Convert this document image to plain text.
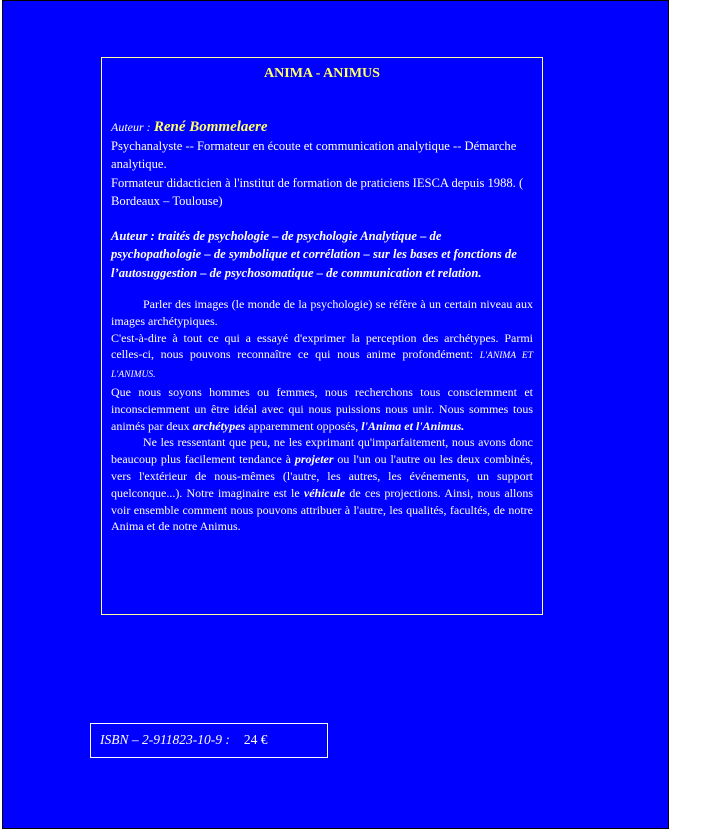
ANIMA - ANIMUS

Auteur : René Bommelaere

Psychanalyste -- Formateur en écoute et communication analytique -- Démarche analytique.

Formateur didacticien à l'institut de formation de praticiens IESCA depuis 1988. ( Bordeaux – Toulouse)

Auteur : traités de psychologie – de psychologie Analytique – de psychopathologie – de symbolique et corrélation – sur les bases et fonctions de l’autosuggestion – de psychosomatique – de communication et relation.

Parler des images (le monde de la psychologie) se réfère à un certain niveau aux images archétypiques.

C'est-à-dire à tout ce qui a essayé d'exprimer la perception des archétypes. Parmi celles-ci, nous pouvons reconnaître ce qui nous anime profondément: L'ANIMA ET L'ANIMUS.

Que nous soyons hommes ou femmes, nous recherchons tous consciemment et inconsciemment un être idéal avec qui nous puissions nous unir. Nous sommes tous animés par deux archétypes apparemment opposés, l'Anima et l'Animus.

Ne les ressentant que peu, ne les exprimant qu'imparfaitement, nous avons donc beaucoup plus facilement tendance à projeter ou l'un ou l'autre ou les deux combinés, vers l'extérieur de nous-mêmes (l'autre, les autres, les événements, un support quelconque...). Notre imaginaire est le véhicule de ces projections. Ainsi, nous allons voir ensemble comment nous pouvons attribuer à l'autre, les qualités, facultés, de notre Anima et de notre Animus.

ISBN – 2-911823-10-9 : 24 €
